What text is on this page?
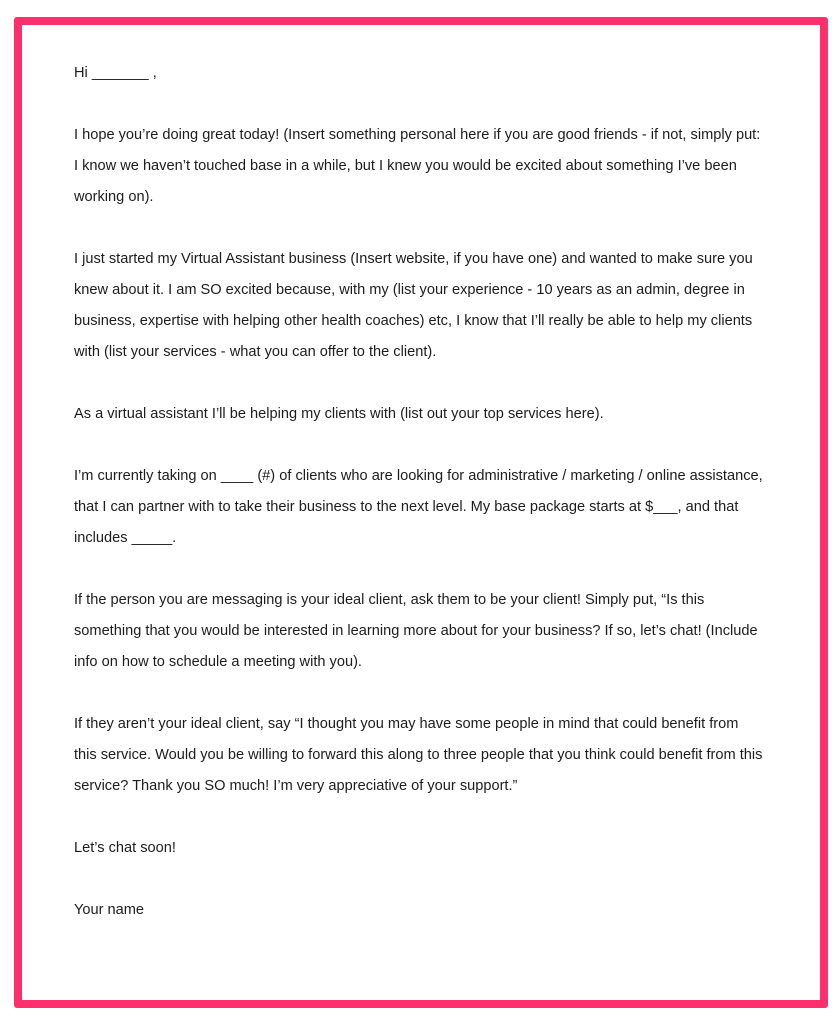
Hi _______ ,

I hope you’re doing great today! (Insert something personal here if you are good friends - if not, simply put: I know we haven’t touched base in a while, but I knew you would be excited about something I’ve been working on).

I just started my Virtual Assistant business (Insert website, if you have one) and wanted to make sure you knew about it. I am SO excited because, with my (list your experience - 10 years as an admin, degree in business, expertise with helping other health coaches) etc, I know that I’ll really be able to help my clients with (list your services - what you can offer to the client).

As a virtual assistant I’ll be helping my clients with (list out your top services here).

I’m currently taking on ____ (#) of clients who are looking for administrative / marketing / online assistance, that I can partner with to take their business to the next level. My base package starts at $___, and that includes _____.

If the person you are messaging is your ideal client, ask them to be your client! Simply put, “Is this something that you would be interested in learning more about for your business? If so, let’s chat! (Include info on how to schedule a meeting with you).

If they aren’t your ideal client, say “I thought you may have some people in mind that could benefit from this service. Would you be willing to forward this along to three people that you think could benefit from this service? Thank you SO much! I’m very appreciative of your support.”

Let’s chat soon!

Your name
